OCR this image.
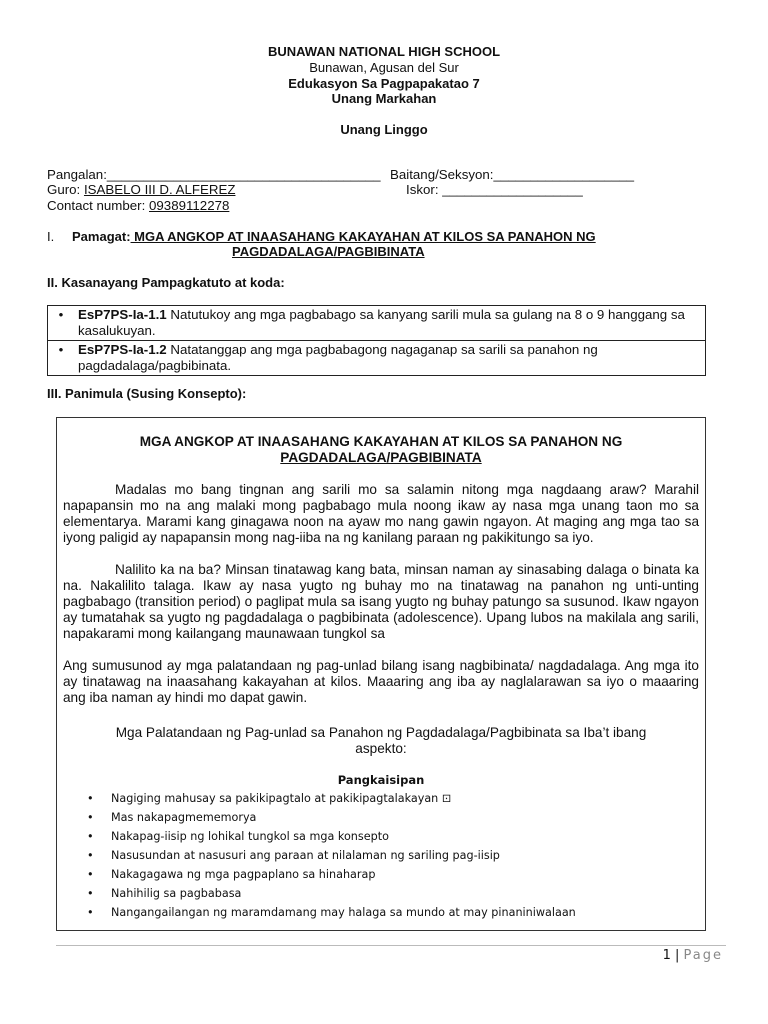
BUNAWAN NATIONAL HIGH SCHOOL
Bunawan, Agusan del Sur
Edukasyon Sa Pagpapakatao 7
Unang Markahan
Unang Linggo
Pangalan:_____________________________________ Baitang/Seksyon:___________________
Guro: ISABELO III D. ALFEREZ	Iskor: ___________________
Contact number: 09389112278
I. Pamagat: MGA ANGKOP AT INAASAHANG KAKAYAHAN AT KILOS SA PANAHON NG
PAGDADALAGA/PAGBIBINATA
II. Kasanayang Pampagkatuto at koda:
•	EsP7PS-Ia-1.1 Natutukoy ang mga pagbabago sa kanyang sarili mula sa gulang na 8 o 9 hanggang sa kasalukuyan.
•	EsP7PS-Ia-1.2 Natatanggap ang mga pagbabagong nagaganap sa sarili sa panahon ng pagdadalaga/pagbibinata.
III. Panimula (Susing Konsepto):
MGA ANGKOP AT INAASAHANG KAKAYAHAN AT KILOS SA PANAHON NG
PAGDADALAGA/PAGBIBINATA
Madalas mo bang tingnan ang sarili mo sa salamin nitong mga nagdaang araw? Marahil napapansin mo na ang malaki mong pagbabago mula noong ikaw ay nasa mga unang taon mo sa elementarya. Marami kang ginagawa noon na ayaw mo nang gawin ngayon. At maging ang mga tao sa iyong paligid ay napapansin mong nag-iiba na ng kanilang paraan ng pakikitungo sa iyo.
Nalilito ka na ba? Minsan tinatawag kang bata, minsan naman ay sinasabing dalaga o binata ka na. Nakalilito talaga. Ikaw ay nasa yugto ng buhay mo na tinatawag na panahon ng unti-unting pagbabago (transition period) o paglipat mula sa isang yugto ng buhay patungo sa susunod. Ikaw ngayon ay tumatahak sa yugto ng pagdadalaga o pagbibinata (adolescence). Upang lubos na makilala ang sarili, napakarami mong kailangang maunawaan tungkol sa
Ang sumusunod ay mga palatandaan ng pag-unlad bilang isang nagbibinata/ nagdadalaga. Ang mga ito ay tinatawag na inaasahang kakayahan at kilos. Maaaring ang iba ay naglalarawan sa iyo o maaaring ang iba naman ay hindi mo dapat gawin.
Mga Palatandaan ng Pag-unlad sa Panahon ng Pagdadalaga/Pagbibinata sa Iba’t ibang aspekto:
Pangkaisipan
• Nagiging mahusay sa pakikipagtalo at pakikipagtalakayan ⊡
• Mas nakapagmememorya
• Nakapag-iisip ng lohikal tungkol sa mga konsepto
• Nasusundan at nasusuri ang paraan at nilalaman ng sariling pag-iisip
• Nakagagawa ng mga pagpaplano sa hinaharap
• Nahihilig sa pagbabasa
• Nangangailangan ng maramdamang may halaga sa mundo at may pinaniniwalaan
1 | Page
